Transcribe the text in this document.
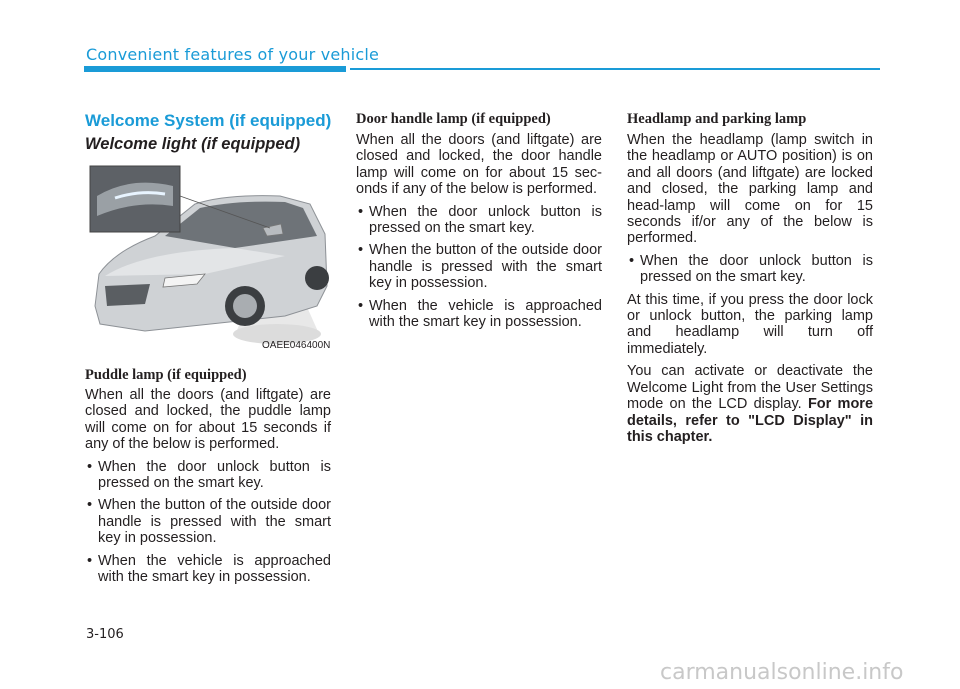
Convenient features of your vehicle
Welcome System (if equipped)
Welcome light (if equipped)
OAEE046400N
Puddle lamp (if equipped)

When all the doors (and liftgate) are closed and locked, the puddle lamp will come on for about 15 seconds if any of the below is performed.

• When the door unlock button is pressed on the smart key.
• When the button of the outside door handle is pressed with the smart key in possession.
• When the vehicle is approached with the smart key in possession.
Door handle lamp (if equipped)

When all the doors (and liftgate) are closed and locked, the door handle lamp will come on for about 15 sec-onds if any of the below is performed.

• When the door unlock button is pressed on the smart key.
• When the button of the outside door handle is pressed with the smart key in possession.
• When the vehicle is approached with the smart key in possession.
Headlamp and parking lamp

When the headlamp (lamp switch in the headlamp or AUTO position) is on and all doors (and liftgate) are locked and closed, the parking lamp and head-lamp will come on for 15 seconds if/or any of the below is performed.

• When the door unlock button is pressed on the smart key.

At this time, if you press the door lock or unlock button, the parking lamp and headlamp will turn off immediately.

You can activate or deactivate the Welcome Light from the User Settings mode on the LCD display. For more details, refer to "LCD Display" in this chapter.

3-106
carmanualsonline.info
